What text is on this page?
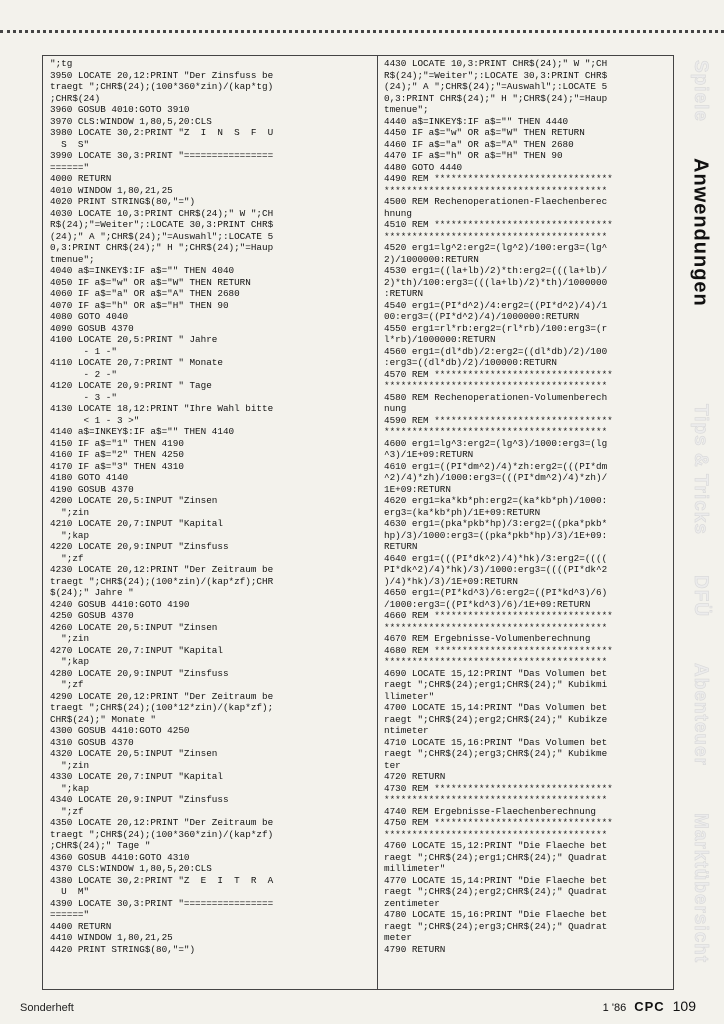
";tg
3950 LOCATE 20,12:PRINT "Der Zinsfuss be
traegt ";CHR$(24);(100*360*zin)/(kap*tg)
;CHR$(24)
3960 GOSUB 4010:GOTO 3910
3970 CLS:WINDOW 1,80,5,20:CLS
3980 LOCATE 30,2:PRINT "Z  I  N  S  F  U
S  S"
3990 LOCATE 30,3:PRINT "================
======"
4000 RETURN
4010 WINDOW 1,80,21,25
4020 PRINT STRING$(80,"=")
4030 LOCATE 10,3:PRINT CHR$(24);" W ";CH
R$(24);"=Weiter";:LOCATE 30,3:PRINT CHR$
(24);" A ";CHR$(24);"=Auswahl";:LOCATE 5
0,3:PRINT CHR$(24);" H ";CHR$(24);"=Haup
tmenue";
4040 a$=INKEY$:IF a$="" THEN 4040
4050 IF a$="w" OR a$="W" THEN RETURN
4060 IF a$="a" OR a$="A" THEN 2680
4070 IF a$="h" OR a$="H" THEN 90
4080 GOTO 4040
4090 GOSUB 4370
4100 LOCATE 20,5:PRINT " Jahre
- 1 -"
4110 LOCATE 20,7:PRINT " Monate
- 2 -"
4120 LOCATE 20,9:PRINT " Tage
- 3 -"
4130 LOCATE 18,12:PRINT "Ihre Wahl bitte
< 1 - 3 >"
4140 a$=INKEY$:IF a$="" THEN 4140
4150 IF a$="1" THEN 4190
4160 IF a$="2" THEN 4250
4170 IF a$="3" THEN 4310
4180 GOTO 4140
4190 GOSUB 4370
4200 LOCATE 20,5:INPUT "Zinsen
";zin
4210 LOCATE 20,7:INPUT "Kapital
";kap
4220 LOCATE 20,9:INPUT "Zinsfuss
";zf
4230 LOCATE 20,12:PRINT "Der Zeitraum be
traegt ";CHR$(24);(100*zin)/(kap*zf);CHR
$(24);" Jahre "
4240 GOSUB 4410:GOTO 4190
4250 GOSUB 4370
4260 LOCATE 20,5:INPUT "Zinsen
";zin
4270 LOCATE 20,7:INPUT "Kapital
";kap
4280 LOCATE 20,9:INPUT "Zinsfuss
";zf
4290 LOCATE 20,12:PRINT "Der Zeitraum be
traegt ";CHR$(24);(100*12*zin)/(kap*zf);
CHR$(24);" Monate "
4300 GOSUB 4410:GOTO 4250
4310 GOSUB 4370
4320 LOCATE 20,5:INPUT "Zinsen
";zin
4330 LOCATE 20,7:INPUT "Kapital
";kap
4340 LOCATE 20,9:INPUT "Zinsfuss
";zf
4350 LOCATE 20,12:PRINT "Der Zeitraum be
traegt ";CHR$(24);(100*360*zin)/(kap*zf)
;CHR$(24);" Tage "
4360 GOSUB 4410:GOTO 4310
4370 CLS:WINDOW 1,80,5,20:CLS
4380 LOCATE 30,2:PRINT "Z  E  I  T  R  A
U  M"
4390 LOCATE 30,3:PRINT "================
======"
4400 RETURN
4410 WINDOW 1,80,21,25
4420 PRINT STRING$(80,"=")
4430 LOCATE 10,3:PRINT CHR$(24);" W ";CH
R$(24);"=Weiter";:LOCATE 30,3:PRINT CHR$
(24);" A ";CHR$(24);"=Auswahl";:LOCATE 5
0,3:PRINT CHR$(24);" H ";CHR$(24);"=Haup
tmenue";
4440 a$=INKEY$:IF a$="" THEN 4440
4450 IF a$="w" OR a$="W" THEN RETURN
4460 IF a$="a" OR a$="A" THEN 2680
4470 IF a$="h" OR a$="H" THEN 90
4480 GOTO 4440
4490 REM ********************************
****************************************
4500 REM Rechenoperationen-Flaechenberec
hnung
4510 REM ********************************
****************************************
4520 erg1=lg^2:erg2=(lg^2)/100:erg3=(lg^
2)/1000000:RETURN
4530 erg1=((la+lb)/2)*th:erg2=(((la+lb)/
2)*th)/100:erg3=(((la+lb)/2)*th)/1000000
:RETURN
4540 erg1=(PI*d^2)/4:erg2=((PI*d^2)/4)/1
00:erg3=((PI*d^2)/4)/1000000:RETURN
4550 erg1=rl*rb:erg2=(rl*rb)/100:erg3=(r
l*rb)/1000000:RETURN
4560 erg1=(dl*db)/2:erg2=((dl*db)/2)/100
:erg3=((dl*db)/2)/100000:RETURN
4570 REM ********************************
****************************************
4580 REM Rechenoperationen-Volumenberech
nung
4590 REM ********************************
****************************************
4600 erg1=lg^3:erg2=(lg^3)/1000:erg3=(lg
^3)/1E+09:RETURN
4610 erg1=((PI*dm^2)/4)*zh:erg2=(((PI*dm
^2)/4)*zh)/1000:erg3=(((PI*dm^2)/4)*zh)/
1E+09:RETURN
4620 erg1=ka*kb*ph:erg2=(ka*kb*ph)/1000:
erg3=(ka*kb*ph)/1E+09:RETURN
4630 erg1=(pka*pkb*hp)/3:erg2=((pka*pkb*
hp)/3)/1000:erg3=((pka*pkb*hp)/3)/1E+09:
RETURN
4640 erg1=(((PI*dk^2)/4)*hk)/3:erg2=((((
PI*dk^2)/4)*hk)/3)/1000:erg3=((((PI*dk^2
)/4)*hk)/3)/1E+09:RETURN
4650 erg1=(PI*kd^3)/6:erg2=((PI*kd^3)/6)
/1000:erg3=((PI*kd^3)/6)/1E+09:RETURN
4660 REM ********************************
****************************************
4670 REM Ergebnisse-Volumenberechnung
4680 REM ********************************
****************************************
4690 LOCATE 15,12:PRINT "Das Volumen bet
raegt ";CHR$(24);erg1;CHR$(24);" Kubikmi
llimeter"
4700 LOCATE 15,14:PRINT "Das Volumen bet
raegt ";CHR$(24);erg2;CHR$(24);" Kubikze
ntimeter
4710 LOCATE 15,16:PRINT "Das Volumen bet
raegt ";CHR$(24);erg3;CHR$(24);" Kubikme
ter
4720 RETURN
4730 REM ********************************
****************************************
4740 REM Ergebnisse-Flaechenberechnung
4750 REM ********************************
****************************************
4760 LOCATE 15,12:PRINT "Die Flaeche bet
raegt ";CHR$(24);erg1;CHR$(24);" Quadrat
millimeter"
4770 LOCATE 15,14:PRINT "Die Flaeche bet
raegt ";CHR$(24);erg2;CHR$(24);" Quadrat
zentimeter
4780 LOCATE 15,16:PRINT "Die Flaeche bet
raegt ";CHR$(24);erg3;CHR$(24);" Quadrat
meter
4790 RETURN
Spiele
Anwendungen
Tips & Tricks
DFÜ
Abenteuer
Marktübersicht
Sonderheft	1 '86 CPC 109
